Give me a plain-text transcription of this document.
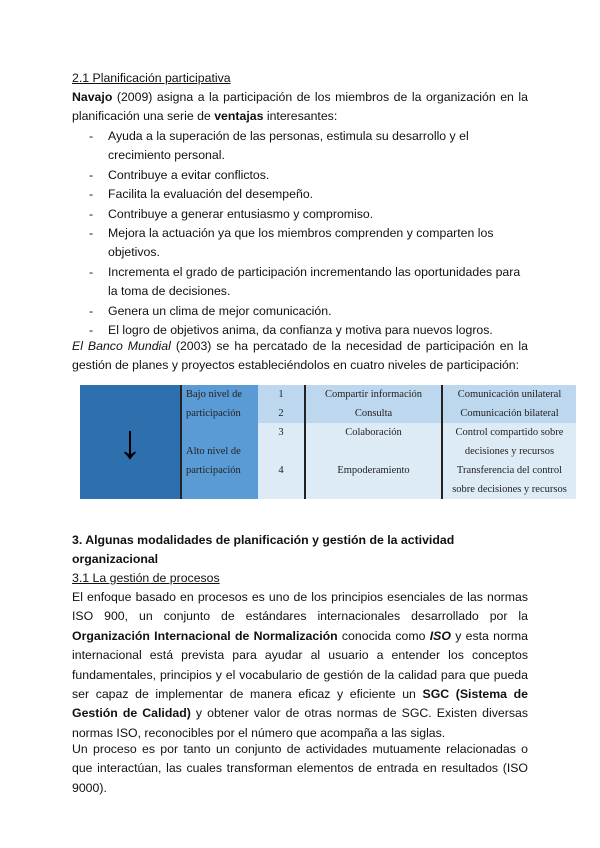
2.1 Planificación participativa
Navajo (2009) asigna a la participación de los miembros de la organización en la planificación una serie de ventajas interesantes:
- Ayuda a la superación de las personas, estimula su desarrollo y el crecimiento personal.
- Contribuye a evitar conflictos.
- Facilita la evaluación del desempeño.
- Contribuye a generar entusiasmo y compromiso.
- Mejora la actuación ya que los miembros comprenden y comparten los objetivos.
- Incrementa el grado de participación incrementando las oportunidades para la toma de decisiones.
- Genera un clima de mejor comunicación.
- El logro de objetivos anima, da confianza y motiva para nuevos logros.
El Banco Mundial (2003) se ha percatado de la necesidad de participación en la gestión de planes y proyectos estableciéndolos en cuatro niveles de participación:
↓	Bajo nivel de participación	1	Compartir información	Comunicación unilateral
		2	Consulta	Comunicación bilateral
	Alto nivel de participación	3	Colaboración	Control compartido sobre decisiones y recursos
		4	Empoderamiento	Transferencia del control sobre decisiones y recursos
3. Algunas modalidades de planificación y gestión de la actividad organizacional
3.1 La gestión de procesos
El enfoque basado en procesos es uno de los principios esenciales de las normas ISO 900, un conjunto de estándares internacionales desarrollado por la Organización Internacional de Normalización conocida como ISO y esta norma internacional está prevista para ayudar al usuario a entender los conceptos fundamentales, principios y el vocabulario de gestión de la calidad para que pueda ser capaz de implementar de manera eficaz y eficiente un SGC (Sistema de Gestión de Calidad) y obtener valor de otras normas de SGC. Existen diversas normas ISO, reconocibles por el número que acompaña a las siglas.
Un proceso es por tanto un conjunto de actividades mutuamente relacionadas o que interactúan, las cuales transforman elementos de entrada en resultados (ISO 9000).
